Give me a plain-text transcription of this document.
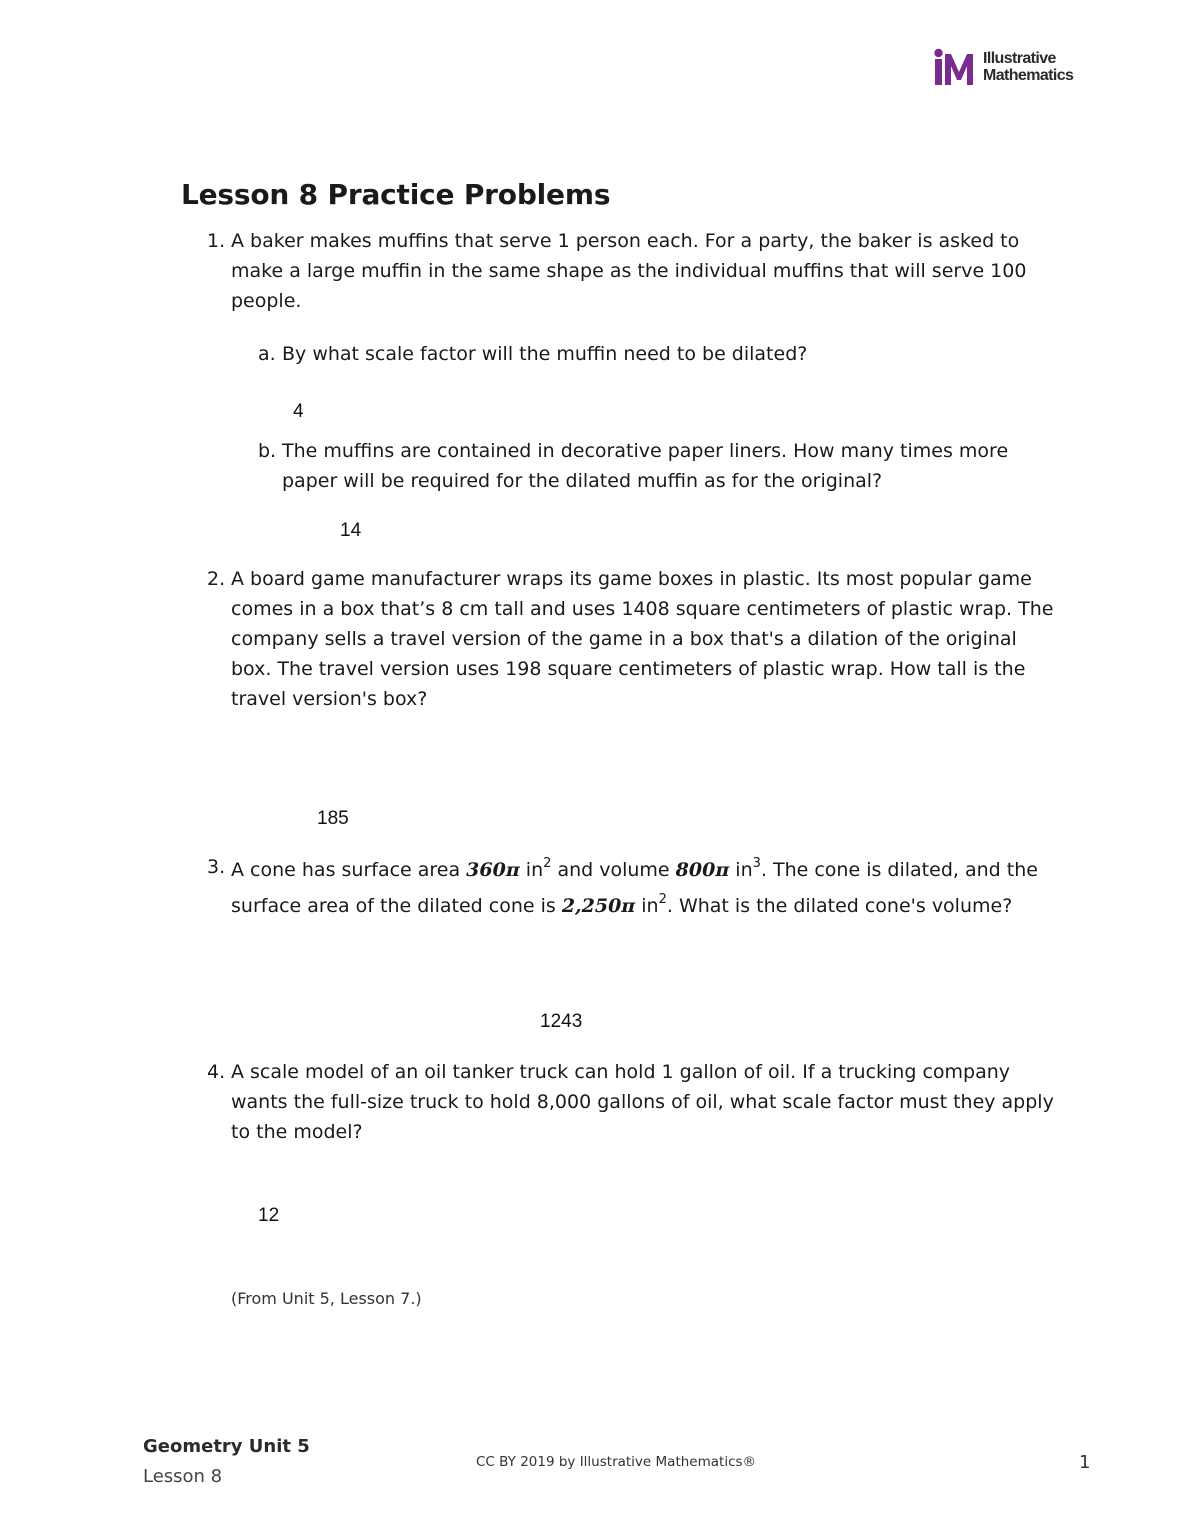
Illustrative
Mathematics
Lesson 8 Practice Problems
1. A baker makes muffins that serve 1 person each. For a party, the baker is asked to
make a large muffin in the same shape as the individual muffins that will serve 100
people.
a. By what scale factor will the muffin need to be dilated?
4
b. The muffins are contained in decorative paper liners. How many times more
paper will be required for the dilated muffin as for the original?
14
2. A board game manufacturer wraps its game boxes in plastic. Its most popular game
comes in a box that’s 8 cm tall and uses 1408 square centimeters of plastic wrap. The
company sells a travel version of the game in a box that's a dilation of the original
box. The travel version uses 198 square centimeters of plastic wrap. How tall is the
travel version's box?
185
3. A cone has surface area 360π $in^2$ and volume 800π $in^3$. The cone is dilated, and the
surface area of the dilated cone is 2,250π $in^2$. What is the dilated cone's volume?
1243
4. A scale model of an oil tanker truck can hold 1 gallon of oil. If a trucking company
wants the full-size truck to hold 8,000 gallons of oil, what scale factor must they apply
to the model?
12
(From Unit 5, Lesson 7.)
Geometry Unit 5
Lesson 8
CC BY 2019 by Illustrative Mathematics®	1
